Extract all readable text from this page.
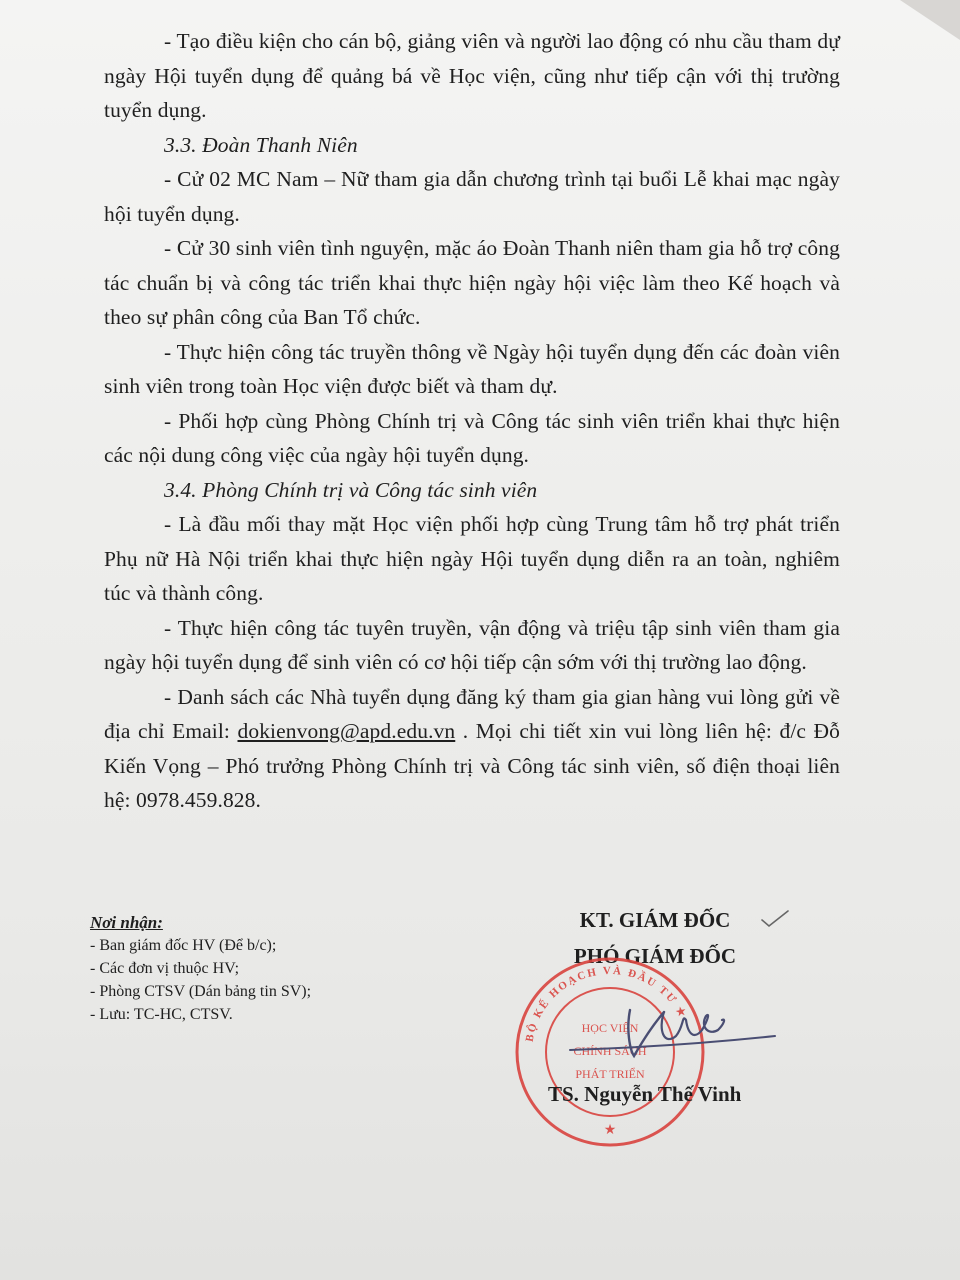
- Tạo điều kiện cho cán bộ, giảng viên và người lao động có nhu cầu tham dự ngày Hội tuyển dụng để quảng bá về Học viện, cũng như tiếp cận với thị trường tuyển dụng.

3.3. Đoàn Thanh Niên

- Cử 02 MC Nam – Nữ tham gia dẫn chương trình tại buổi Lễ khai mạc ngày hội tuyển dụng.

- Cử 30 sinh viên tình nguyện, mặc áo Đoàn Thanh niên tham gia hỗ trợ công tác chuẩn bị và công tác triển khai thực hiện ngày hội việc làm theo Kế hoạch và theo sự phân công của Ban Tổ chức.

- Thực hiện công tác truyền thông về Ngày hội tuyển dụng đến các đoàn viên sinh viên trong toàn Học viện được biết và tham dự.

- Phối hợp cùng Phòng Chính trị và Công tác sinh viên triển khai thực hiện các nội dung công việc của ngày hội tuyển dụng.

3.4. Phòng Chính trị và Công tác sinh viên

- Là đầu mối thay mặt Học viện phối hợp cùng Trung tâm hỗ trợ phát triển Phụ nữ Hà Nội triển khai thực hiện ngày Hội tuyển dụng diễn ra an toàn, nghiêm túc và thành công.

- Thực hiện công tác tuyên truyền, vận động và triệu tập sinh viên tham gia ngày hội tuyển dụng để sinh viên có cơ hội tiếp cận sớm với thị trường lao động.

- Danh sách các Nhà tuyển dụng đăng ký tham gia gian hàng vui lòng gửi về địa chỉ Email: dokienvong@apd.edu.vn . Mọi chi tiết xin vui lòng liên hệ: đ/c Đỗ Kiến Vọng – Phó trưởng Phòng Chính trị và Công tác sinh viên, số điện thoại liên hệ: 0978.459.828.

Nơi nhận:
- Ban giám đốc HV (Để b/c);
- Các đơn vị thuộc HV;
- Phòng CTSV (Dán bảng tin SV);
- Lưu: TC-HC, CTSV.
KT. GIÁM ĐỐC
PHÓ GIÁM ĐỐC
BỘ KẾ HOẠCH VÀ ĐẦU TƯ ★
HỌC VIỆN
CHÍNH SÁCH
PHÁT TRIỂN
★
TS. Nguyễn Thế Vinh
